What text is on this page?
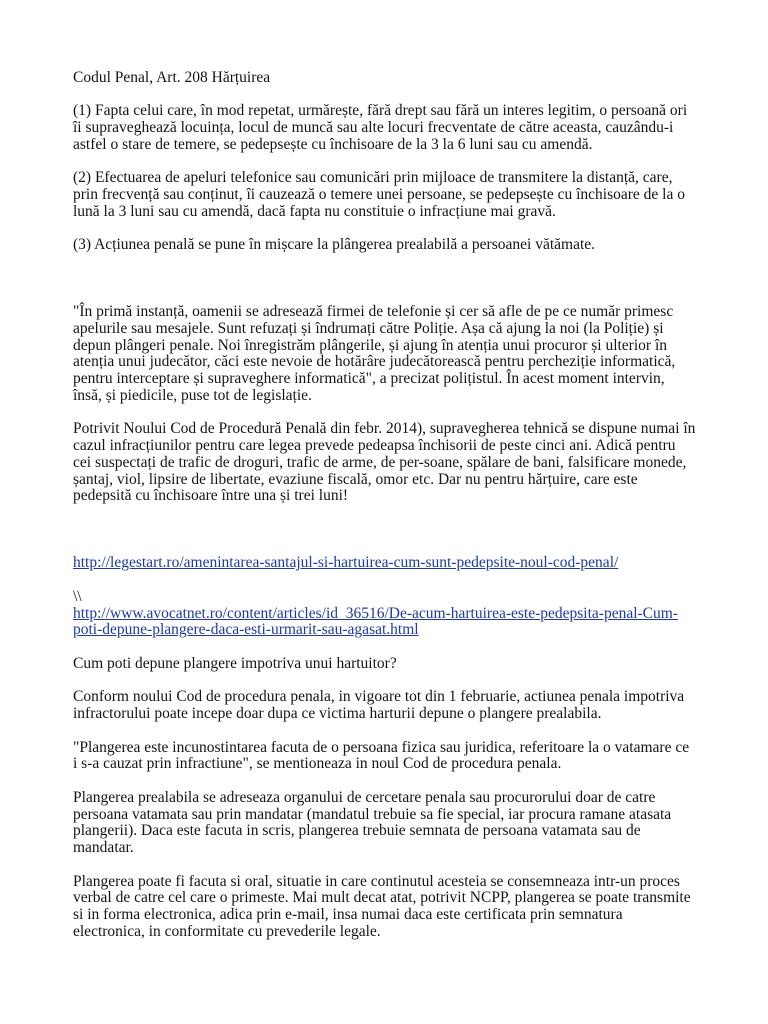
Codul Penal, Art. 208 Hărțuirea
(1) Fapta celui care, în mod repetat, urmărește, fără drept sau fără un interes legitim, o persoană ori
îi supraveghează locuința, locul de muncă sau alte locuri frecventate de către aceasta, cauzându-i
astfel o stare de temere, se pedepsește cu închisoare de la 3 la 6 luni sau cu amendă.
(2) Efectuarea de apeluri telefonice sau comunicări prin mijloace de transmitere la distanță, care,
prin frecvență sau conținut, îi cauzează o temere unei persoane, se pedepsește cu închisoare de la o
lună la 3 luni sau cu amendă, dacă fapta nu constituie o infracțiune mai gravă.
(3) Acțiunea penală se pune în mișcare la plângerea prealabilă a persoanei vătămate.
"În primă instanță, oamenii se adresează firmei de telefonie și cer să afle de pe ce număr primesc
apelurile sau mesajele. Sunt refuzați și îndrumați către Poliție. Așa că ajung la noi (la Poliție) și
depun plângeri penale. Noi înregistrăm plângerile, și ajung în atenția unui procuror și ulterior în
atenția unui judecător, căci este nevoie de hotărâre judecătorească pentru percheziție informatică,
pentru interceptare și supraveghere informatică", a precizat polițistul. În acest moment intervin,
însă, și piedicile, puse tot de legislație.
Potrivit Noului Cod de Procedură Penală din febr. 2014), supravegherea tehnică se dispune numai în
cazul infracțiunilor pentru care legea prevede pedeapsa închisorii de peste cinci ani. Adică pentru
cei suspectați de trafic de droguri, trafic de arme, de per-soane, spălare de bani, falsificare monede,
șantaj, viol, lipsire de libertate, evaziune fiscală, omor etc. Dar nu pentru hărțuire, care este
pedepsită cu închisoare între una și trei luni!
http://legestart.ro/amenintarea-santajul-si-hartuirea-cum-sunt-pedepsite-noul-cod-penal/
\\
http://www.avocatnet.ro/content/articles/id_36516/De-acum-hartuirea-este-pedepsita-penal-Cum-
poti-depune-plangere-daca-esti-urmarit-sau-agasat.html
Cum poti depune plangere impotriva unui hartuitor?
Conform noului Cod de procedura penala, in vigoare tot din 1 februarie, actiunea penala impotriva
infractorului poate incepe doar dupa ce victima harturii depune o plangere prealabila.
"Plangerea este incunostintarea facuta de o persoana fizica sau juridica, referitoare la o vatamare ce
i s-a cauzat prin infractiune", se mentioneaza in noul Cod de procedura penala.
Plangerea prealabila se adreseaza organului de cercetare penala sau procurorului doar de catre
persoana vatamata sau prin mandatar (mandatul trebuie sa fie special, iar procura ramane atasata
plangerii). Daca este facuta in scris, plangerea trebuie semnata de persoana vatamata sau de
mandatar.
Plangerea poate fi facuta si oral, situatie in care continutul acesteia se consemneaza intr-un proces
verbal de catre cel care o primeste. Mai mult decat atat, potrivit NCPP, plangerea se poate transmite
si in forma electronica, adica prin e-mail, insa numai daca este certificata prin semnatura
electronica, in conformitate cu prevederile legale.
